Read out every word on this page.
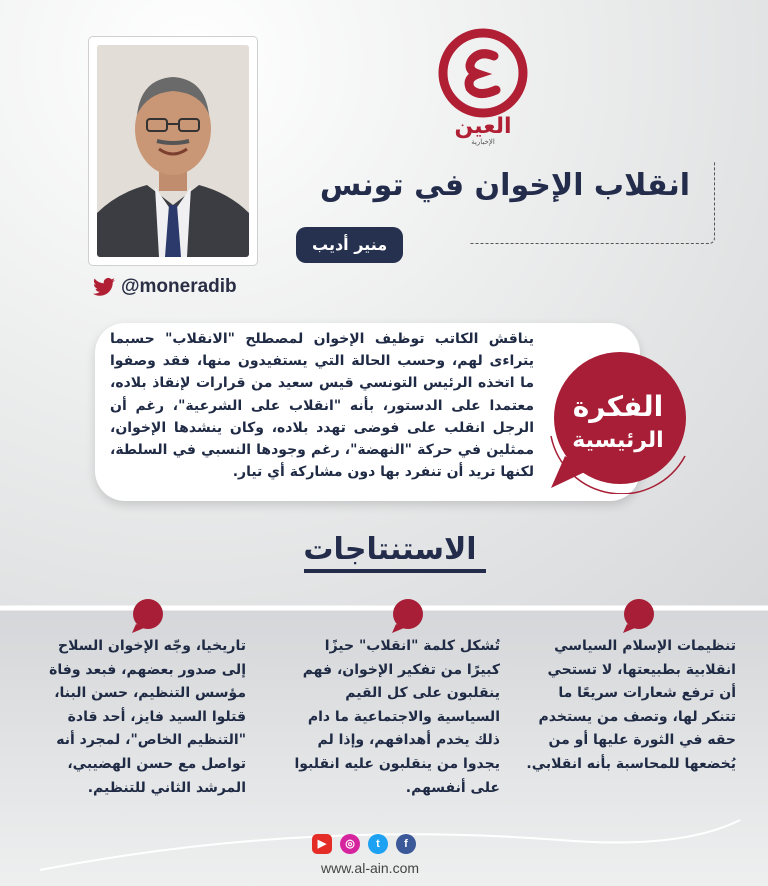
@moneradib
العين
الإخبارية
انقلاب الإخوان في تونس
منير أديب
يناقش الكاتب توظيف الإخوان لمصطلح "الانقلاب" حسبما يتراءى لهم، وحسب الحالة التي يستفيدون منها، فقد وصفوا ما اتخذه الرئيس التونسي قيس سعيد من قرارات لإنقاذ بلاده، معتمدا على الدستور، بأنه "انقلاب على الشرعية"، رغم أن الرجل انقلب على فوضى تهدد بلاده، وكان ينشدها الإخوان، ممثلين في حركة "النهضة"، رغم وجودها النسبي في السلطة، لكنها تريد أن تنفرد بها دون مشاركة أي تيار.
الفكرة
الرئيسية
الاستنتاجات
تنظيمات الإسلام السياسي انقلابية بطبيعتها، لا تستحي أن ترفع شعارات سريعًا ما تتنكر لها، وتصف من يستخدم حقه في الثورة عليها أو من يُخضعها للمحاسبة بأنه انقلابي.
تُشكل كلمة "انقلاب" حيزًا كبيرًا من تفكير الإخوان، فهم ينقلبون على كل القيم السياسية والاجتماعية ما دام ذلك يخدم أهدافهم، وإذا لم يجدوا من ينقلبون عليه انقلبوا على أنفسهم.
تاريخيا، وجّه الإخوان السلاح إلى صدور بعضهم، فبعد وفاة مؤسس التنظيم، حسن البنا، قتلوا السيد فايز، أحد قادة "التنظيم الخاص"، لمجرد أنه تواصل مع حسن الهضيبي، المرشد الثاني للتنظيم.
▶	◎	t	f
www.al-ain.com
